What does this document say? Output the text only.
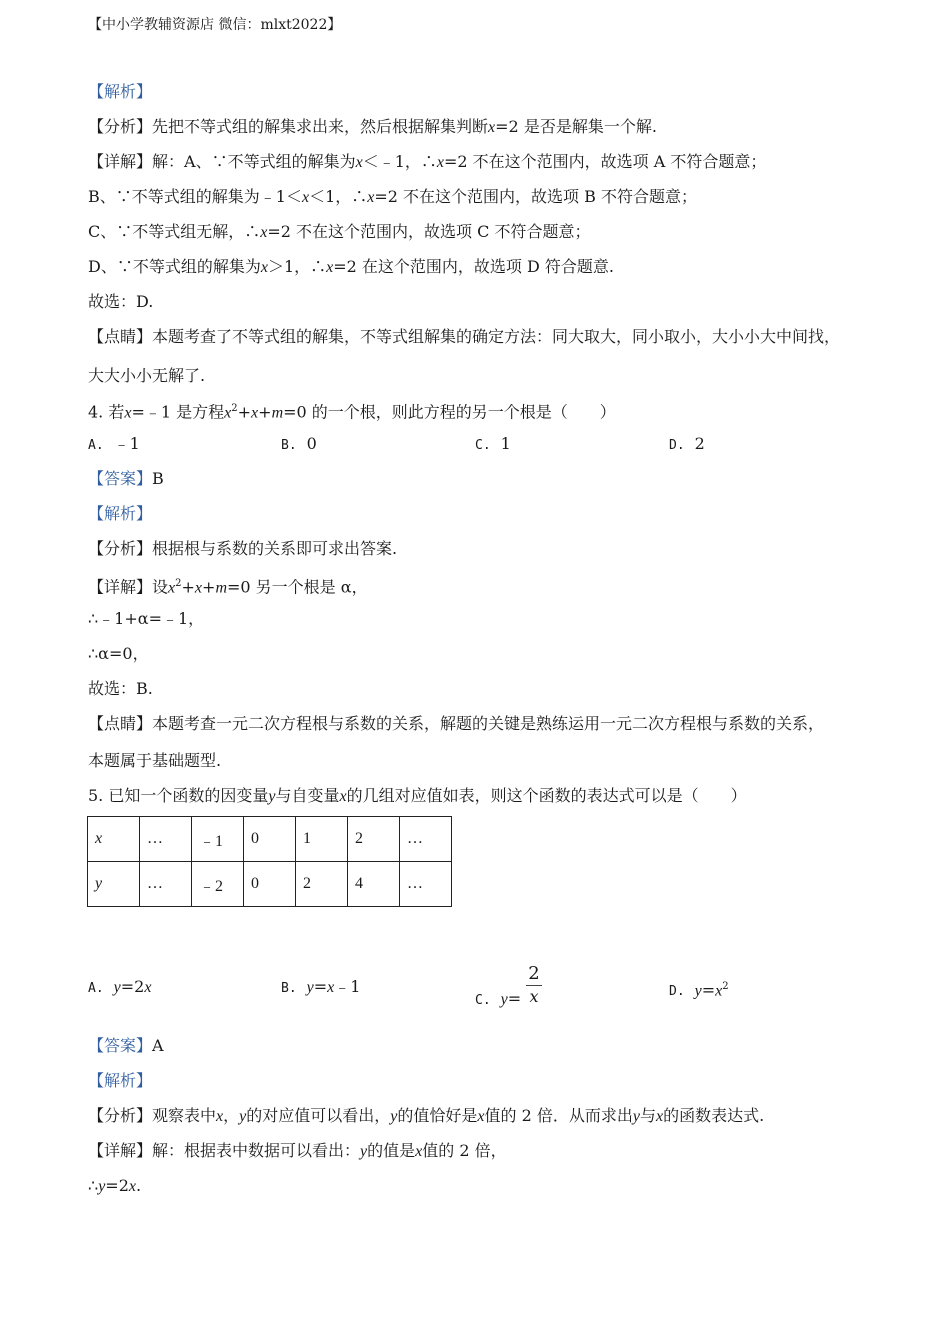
【中小学教辅资源店 微信：mlxt2022】
【解析】
【分析】先把不等式组的解集求出来，然后根据解集判断x=2 是否是解集一个解.
【详解】解：A、∵不等式组的解集为x＜﹣1，∴x=2 不在这个范围内，故选项 A 不符合题意；
B、∵不等式组的解集为﹣1＜x＜1，∴x=2 不在这个范围内，故选项 B 不符合题意；
C、∵不等式组无解，∴x=2 不在这个范围内，故选项 C 不符合题意；
D、∵不等式组的解集为x＞1，∴x=2 在这个范围内，故选项 D 符合题意.
故选：D.
【点睛】本题考查了不等式组的解集，不等式组解集的确定方法：同大取大，同小取小，大小小大中间找，
大大小小无解了.
4. 若x=﹣1 是方程$x^2+x+m=0$ 的一个根，则此方程的另一个根是（　　）
A. ﹣1	B. 0	C. 1	D. 2
【答案】B
【解析】
【分析】根据根与系数的关系即可求出答案.
【详解】设$x^2+x+m=0$ 另一个根是 α，
∴﹣1+α=﹣1，
∴α=0，
故选：B.
【点睛】本题考查一元二次方程根与系数的关系，解题的关键是熟练运用一元二次方程根与系数的关系，
本题属于基础题型.
5. 已知一个函数的因变量y与自变量x的几组对应值如表，则这个函数的表达式可以是（　　）
x	…	﹣1	0	1	2	…
y	…	﹣2	0	2	4	…
A. y=2x	B. y=x﹣1
C. $y= \frac{2}{x}$	D. $y=x^2$
【答案】A
【解析】
【分析】观察表中x，y的对应值可以看出，y的值恰好是x值的 2 倍．从而求出y与x的函数表达式.
【详解】解：根据表中数据可以看出：y的值是x值的 2 倍，
∴y=2x.
